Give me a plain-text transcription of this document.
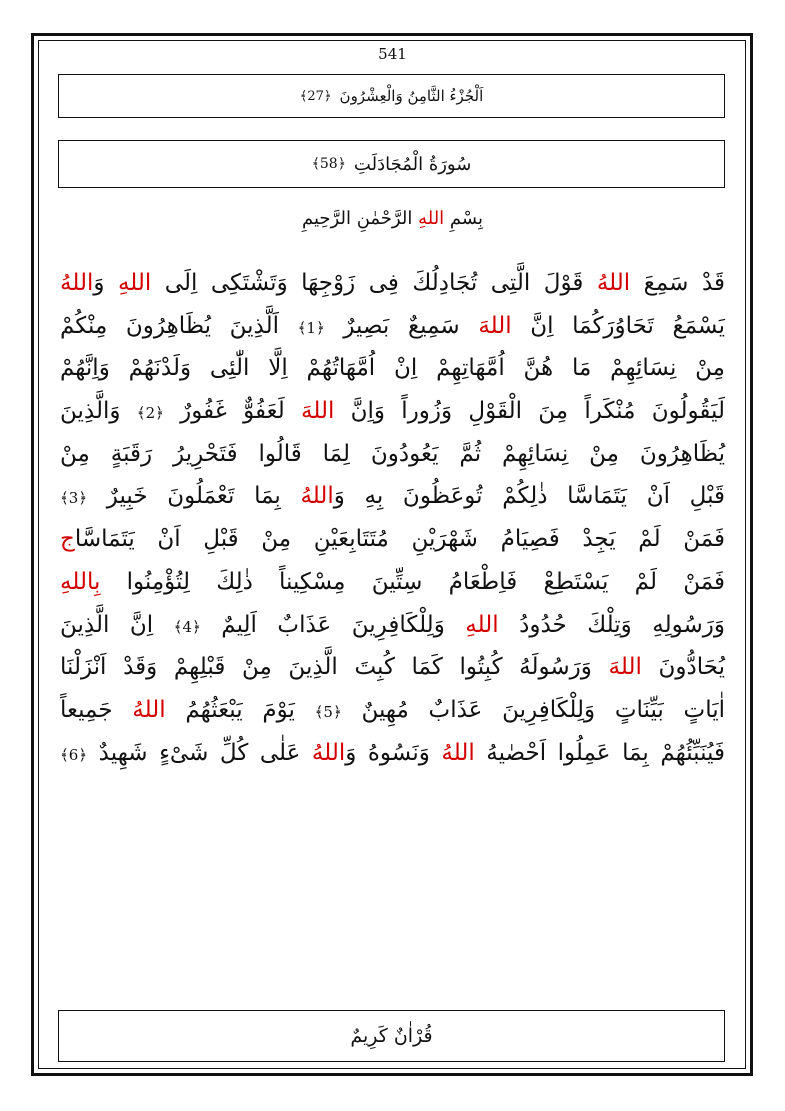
541
اَلْجُزْءُ الثَّامِنُ وَالْعِشْرُونَ
﴿27﴾
سُورَةُ الْمُجَادَلَتِ
﴿58﴾
بِسْمِ اللهِ الرَّحْمٰنِ الرَّحِيمِ
قَدْ سَمِعَ اللهُ قَوْلَ الَّتِى تُجَادِلُكَ فِى زَوْجِهَا وَتَشْتَكِى اِلَى اللهِ وَاللهُ
يَسْمَعُ تَحَاوُرَكُمَا اِنَّ اللهَ سَمِيعٌ بَصِيرٌ ﴿1﴾ اَلَّذِينَ يُظَاهِرُونَ مِنْكُمْ
مِنْ نِسَائِهِمْ مَا هُنَّ اُمَّهَاتِهِمْ اِنْ اُمَّهَاتُهُمْ اِلَّا الّٰئِى وَلَدْنَهُمْ وَاِنَّهُمْ
لَيَقُولُونَ مُنْكَراً مِنَ الْقَوْلِ وَزُوراً وَاِنَّ اللهَ لَعَفُوٌّ غَفُورٌ ﴿2﴾ وَالَّذِينَ
يُظَاهِرُونَ مِنْ نِسَائِهِمْ ثُمَّ يَعُودُونَ لِمَا قَالُوا فَتَحْرِيرُ رَقَبَةٍ مِنْ
قَبْلِ اَنْ يَتَمَاسَّا ذٰلِكُمْ تُوعَظُونَ بِهِ وَاللهُ بِمَا تَعْمَلُونَ خَبِيرٌ ﴿3﴾
فَمَنْ لَمْ يَجِدْ فَصِيَامُ شَهْرَيْنِ مُتَتَابِعَيْنِ مِنْ قَبْلِ اَنْ يَتَمَاسَّاج
فَمَنْ لَمْ يَسْتَطِعْ فَاِطْعَامُ سِتِّينَ مِسْكِيناً ذٰلِكَ لِتُؤْمِنُوا بِاللهِ
وَرَسُولِهِ وَتِلْكَ حُدُودُ اللهِ وَلِلْكَافِرِينَ عَذَابٌ اَلِيمٌ ﴿4﴾ اِنَّ الَّذِينَ
يُحَادُّونَ اللهَ وَرَسُولَهُ كُبِتُوا كَمَا كُبِتَ الَّذِينَ مِنْ قَبْلِهِمْ وَقَدْ اَنْزَلْنَا
اٰيَاتٍ بَيِّنَاتٍ وَلِلْكَافِرِينَ عَذَابٌ مُهِينٌ ﴿5﴾ يَوْمَ يَبْعَثُهُمُ اللهُ جَمِيعاً
فَيُنَبِّئُهُمْ بِمَا عَمِلُوا اَحْصٰيهُ اللهُ وَنَسُوهُ وَاللهُ عَلٰى كُلِّ شَىْءٍ شَهِيدٌ ﴿6﴾
قُرْاٰنٌ كَرِيمٌ
